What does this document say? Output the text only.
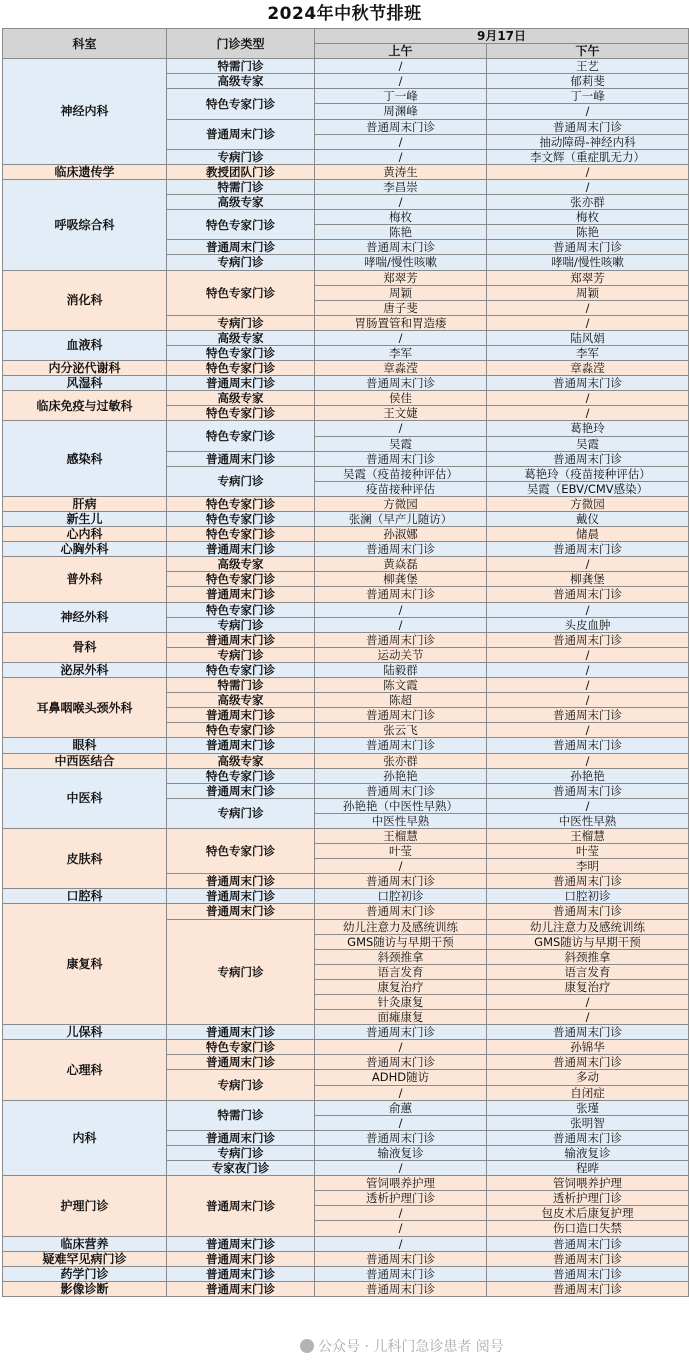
2024年中秋节排班
科室	门诊类型	9月17日	
		上午	下午
神经内科	特需门诊	/	王艺
	高级专家	/	郁莉斐
	特色专家门诊	丁一峰	丁一峰
		周渊峰	/
	普通周末门诊	普通周末门诊	普通周末门诊
		/	抽动障碍-神经内科
	专病门诊	/	李文辉（重症肌无力）
临床遗传学	教授团队门诊	黄涛生	/
呼吸综合科	特需门诊	李昌崇	/
	高级专家	/	张亦群
	特色专家门诊	梅枚	梅枚
		陈艳	陈艳
	普通周末门诊	普通周末门诊	普通周末门诊
	专病门诊	哮喘/慢性咳嗽	哮喘/慢性咳嗽
消化科	特色专家门诊	郑翠芳	郑翠芳
		周颖	周颖
		唐子斐	/
	专病门诊	胃肠置管和胃造瘘	/
血液科	高级专家	/	陆风娟
	特色专家门诊	李军	李军
内分泌代谢科	特色专家门诊	章淼滢	章淼滢
风湿科	普通周末门诊	普通周末门诊	普通周末门诊
临床免疫与过敏科	高级专家	侯佳	/
	特色专家门诊	王文婕	/
感染科	特色专家门诊	/	葛艳玲
		吴霞	吴霞
	普通周末门诊	普通周末门诊	普通周末门诊
	专病门诊	吴霞（疫苗接种评估）	葛艳玲（疫苗接种评估）
		疫苗接种评估	吴霞（EBV/CMV感染）
肝病	特色专家门诊	方微园	方微园
新生儿	特色专家门诊	张澜（早产儿随访）	戴仪
心内科	特色专家门诊	孙淑娜	储晨
心胸外科	普通周末门诊	普通周末门诊	普通周末门诊
普外科	高级专家	黄焱磊	/
	特色专家门诊	柳龚堡	柳龚堡
	普通周末门诊	普通周末门诊	普通周末门诊
神经外科	特色专家门诊	/	/
	专病门诊	/	头皮血肿
骨科	普通周末门诊	普通周末门诊	普通周末门诊
	专病门诊	运动关节	/
泌尿外科	特色专家门诊	陆毅群	/
耳鼻咽喉头颈外科	特需门诊	陈文霞	/
	高级专家	陈超	/
	普通周末门诊	普通周末门诊	普通周末门诊
	特色专家门诊	张云飞	/
眼科	普通周末门诊	普通周末门诊	普通周末门诊
中西医结合	高级专家	张亦群	/
中医科	特色专家门诊	孙艳艳	孙艳艳
	普通周末门诊	普通周末门诊	普通周末门诊
	专病门诊	孙艳艳（中医性早熟）	/
		中医性早熟	中医性早熟
皮肤科	特色专家门诊	王榴慧	王榴慧
		叶莹	叶莹
		/	李明
	普通周末门诊	普通周末门诊	普通周末门诊
口腔科	普通周末门诊	口腔初诊	口腔初诊
康复科	普通周末门诊	普通周末门诊	普通周末门诊
	专病门诊	幼儿注意力及感统训练	幼儿注意力及感统训练
		GMS随访与早期干预	GMS随访与早期干预
		斜颈推拿	斜颈推拿
		语言发育	语言发育
		康复治疗	康复治疗
		针灸康复	/
		面瘫康复	/
儿保科	普通周末门诊	普通周末门诊	普通周末门诊
心理科	特色专家门诊	/	孙锦华
	普通周末门诊	普通周末门诊	普通周末门诊
	专病门诊	ADHD随访	多动
		/	自闭症
内科	特需门诊	俞蕙	张瑾
		/	张明智
	普通周末门诊	普通周末门诊	普通周末门诊
	专病门诊	输液复诊	输液复诊
	专家夜门诊	/	程晔
护理门诊	普通周末门诊	管饲喂养护理	管饲喂养护理
		透析护理门诊	透析护理门诊
		/	包皮术后康复护理
		/	伤口造口失禁
临床营养	普通周末门诊	/	普通周末门诊
疑难罕见病门诊	普通周末门诊	普通周末门诊	普通周末门诊
药学门诊	普通周末门诊	普通周末门诊	普通周末门诊
影像诊断	普通周末门诊	普通周末门诊	普通周末门诊
公众号 · 儿科门急诊患者 阅号
